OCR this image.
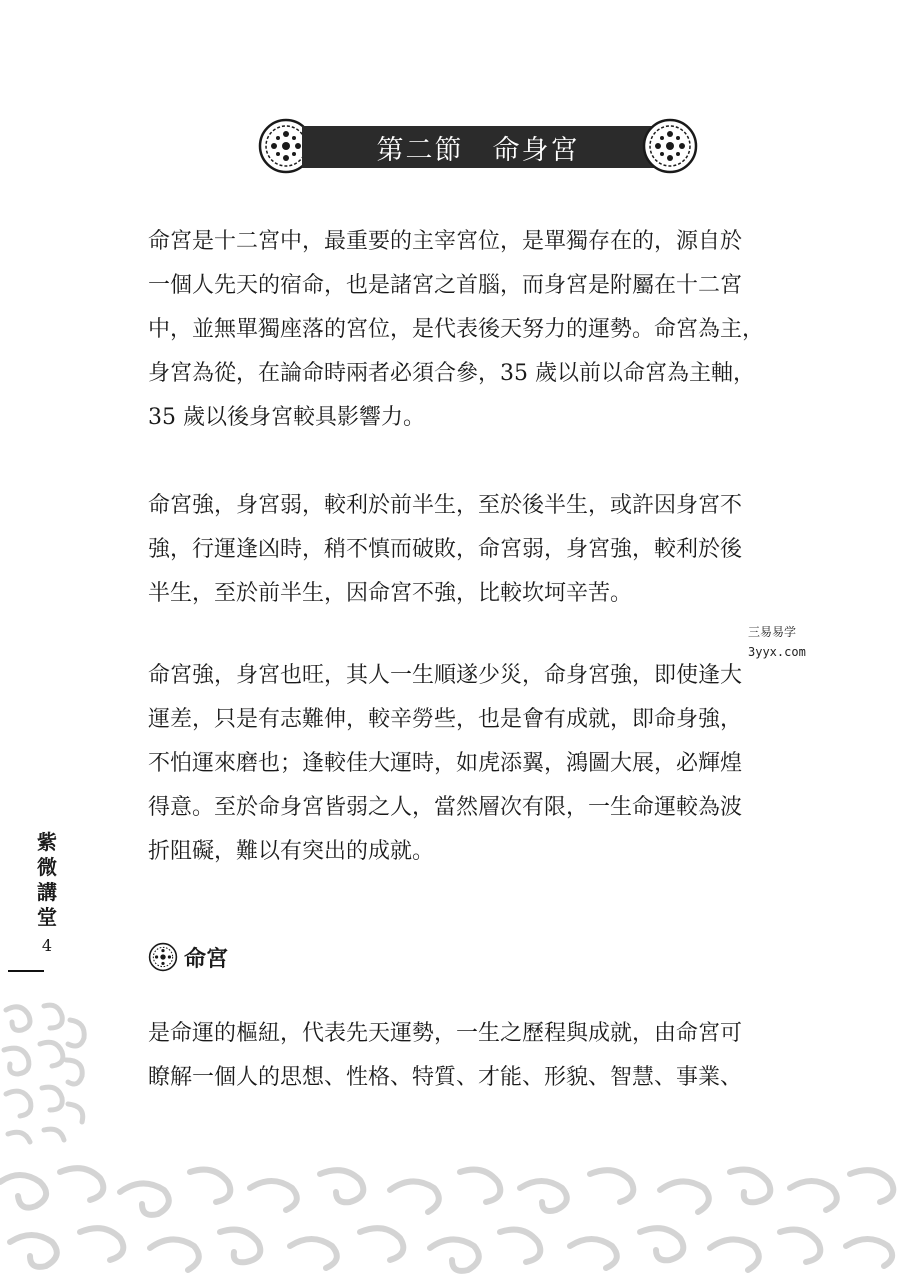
第二節　命身宮

命宮是十二宮中，最重要的主宰宮位，是單獨存在的，源自於
一個人先天的宿命，也是諸宮之首腦，而身宮是附屬在十二宮
中，並無單獨座落的宮位，是代表後天努力的運勢。命宮為主，
身宮為從，在論命時兩者必須合參，35 歲以前以命宮為主軸，
35 歲以後身宮較具影響力。

命宮強，身宮弱，較利於前半生，至於後半生，或許因身宮不
強，行運逢凶時，稍不慎而破敗，命宮弱，身宮強，較利於後
半生，至於前半生，因命宮不強，比較坎坷辛苦。

三易易学
3yyx.com

命宮強，身宮也旺，其人一生順遂少災，命身宮強，即使逢大
運差，只是有志難伸，較辛勞些，也是會有成就，即命身強，
不怕運來磨也；逢較佳大運時，如虎添翼，鴻圖大展，必輝煌
得意。至於命身宮皆弱之人，當然層次有限，一生命運較為波
折阻礙，難以有突出的成就。

紫
微
講
堂
4	命宮

是命運的樞紐，代表先天運勢，一生之歷程與成就，由命宮可
瞭解一個人的思想、性格、特質、才能、形貌、智慧、事業、
